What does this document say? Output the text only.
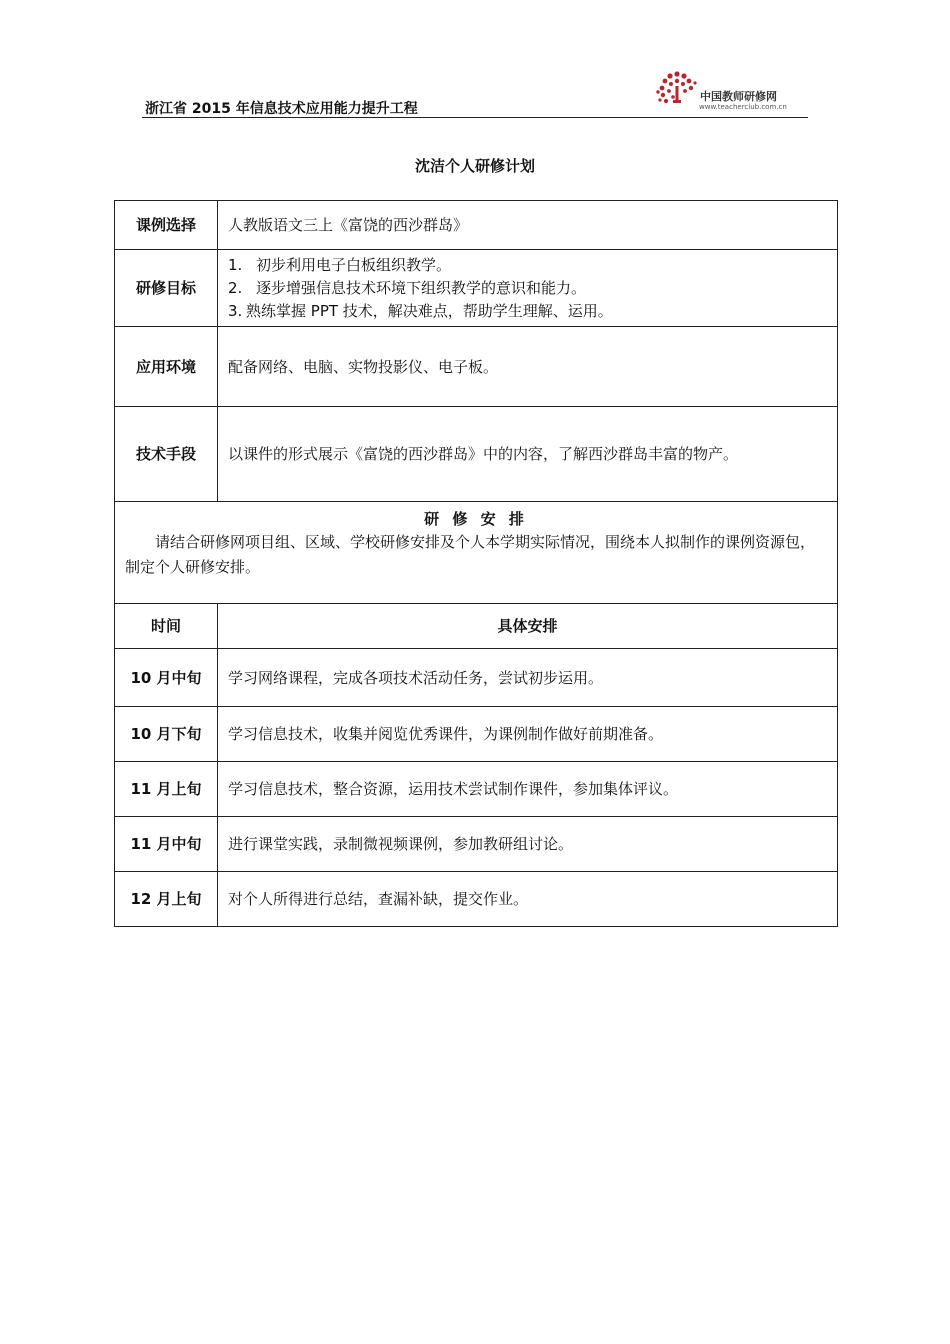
浙江省 2015 年信息技术应用能力提升工程
中国教师研修网
www.teacherclub.com.cn
沈洁个人研修计划
课例选择	人教版语文三上《富饶的西沙群岛》
研修目标	1. 初步利用电子白板组织教学。
2. 逐步增强信息技术环境下组织教学的意识和能力。
3. 熟练掌握 PPT 技术，解决难点，帮助学生理解、运用。

应用环境	配备网络、电脑、实物投影仪、电子板。
技术手段	以课件的形式展示《富饶的西沙群岛》中的内容，了解西沙群岛丰富的物产。

研 修 安 排
请结合研修网项目组、区域、学校研修安排及个人本学期实际情况，围绕本人拟制作的课例资源包，制定个人研修安排。	

时间	具体安排
10 月中旬	学习网络课程，完成各项技术活动任务，尝试初步运用。
10 月下旬	学习信息技术，收集并阅览优秀课件，为课例制作做好前期准备。
11 月上旬	学习信息技术，整合资源，运用技术尝试制作课件，参加集体评议。
11 月中旬	进行课堂实践，录制微视频课例，参加教研组讨论。
12 月上旬	对个人所得进行总结，查漏补缺，提交作业。
